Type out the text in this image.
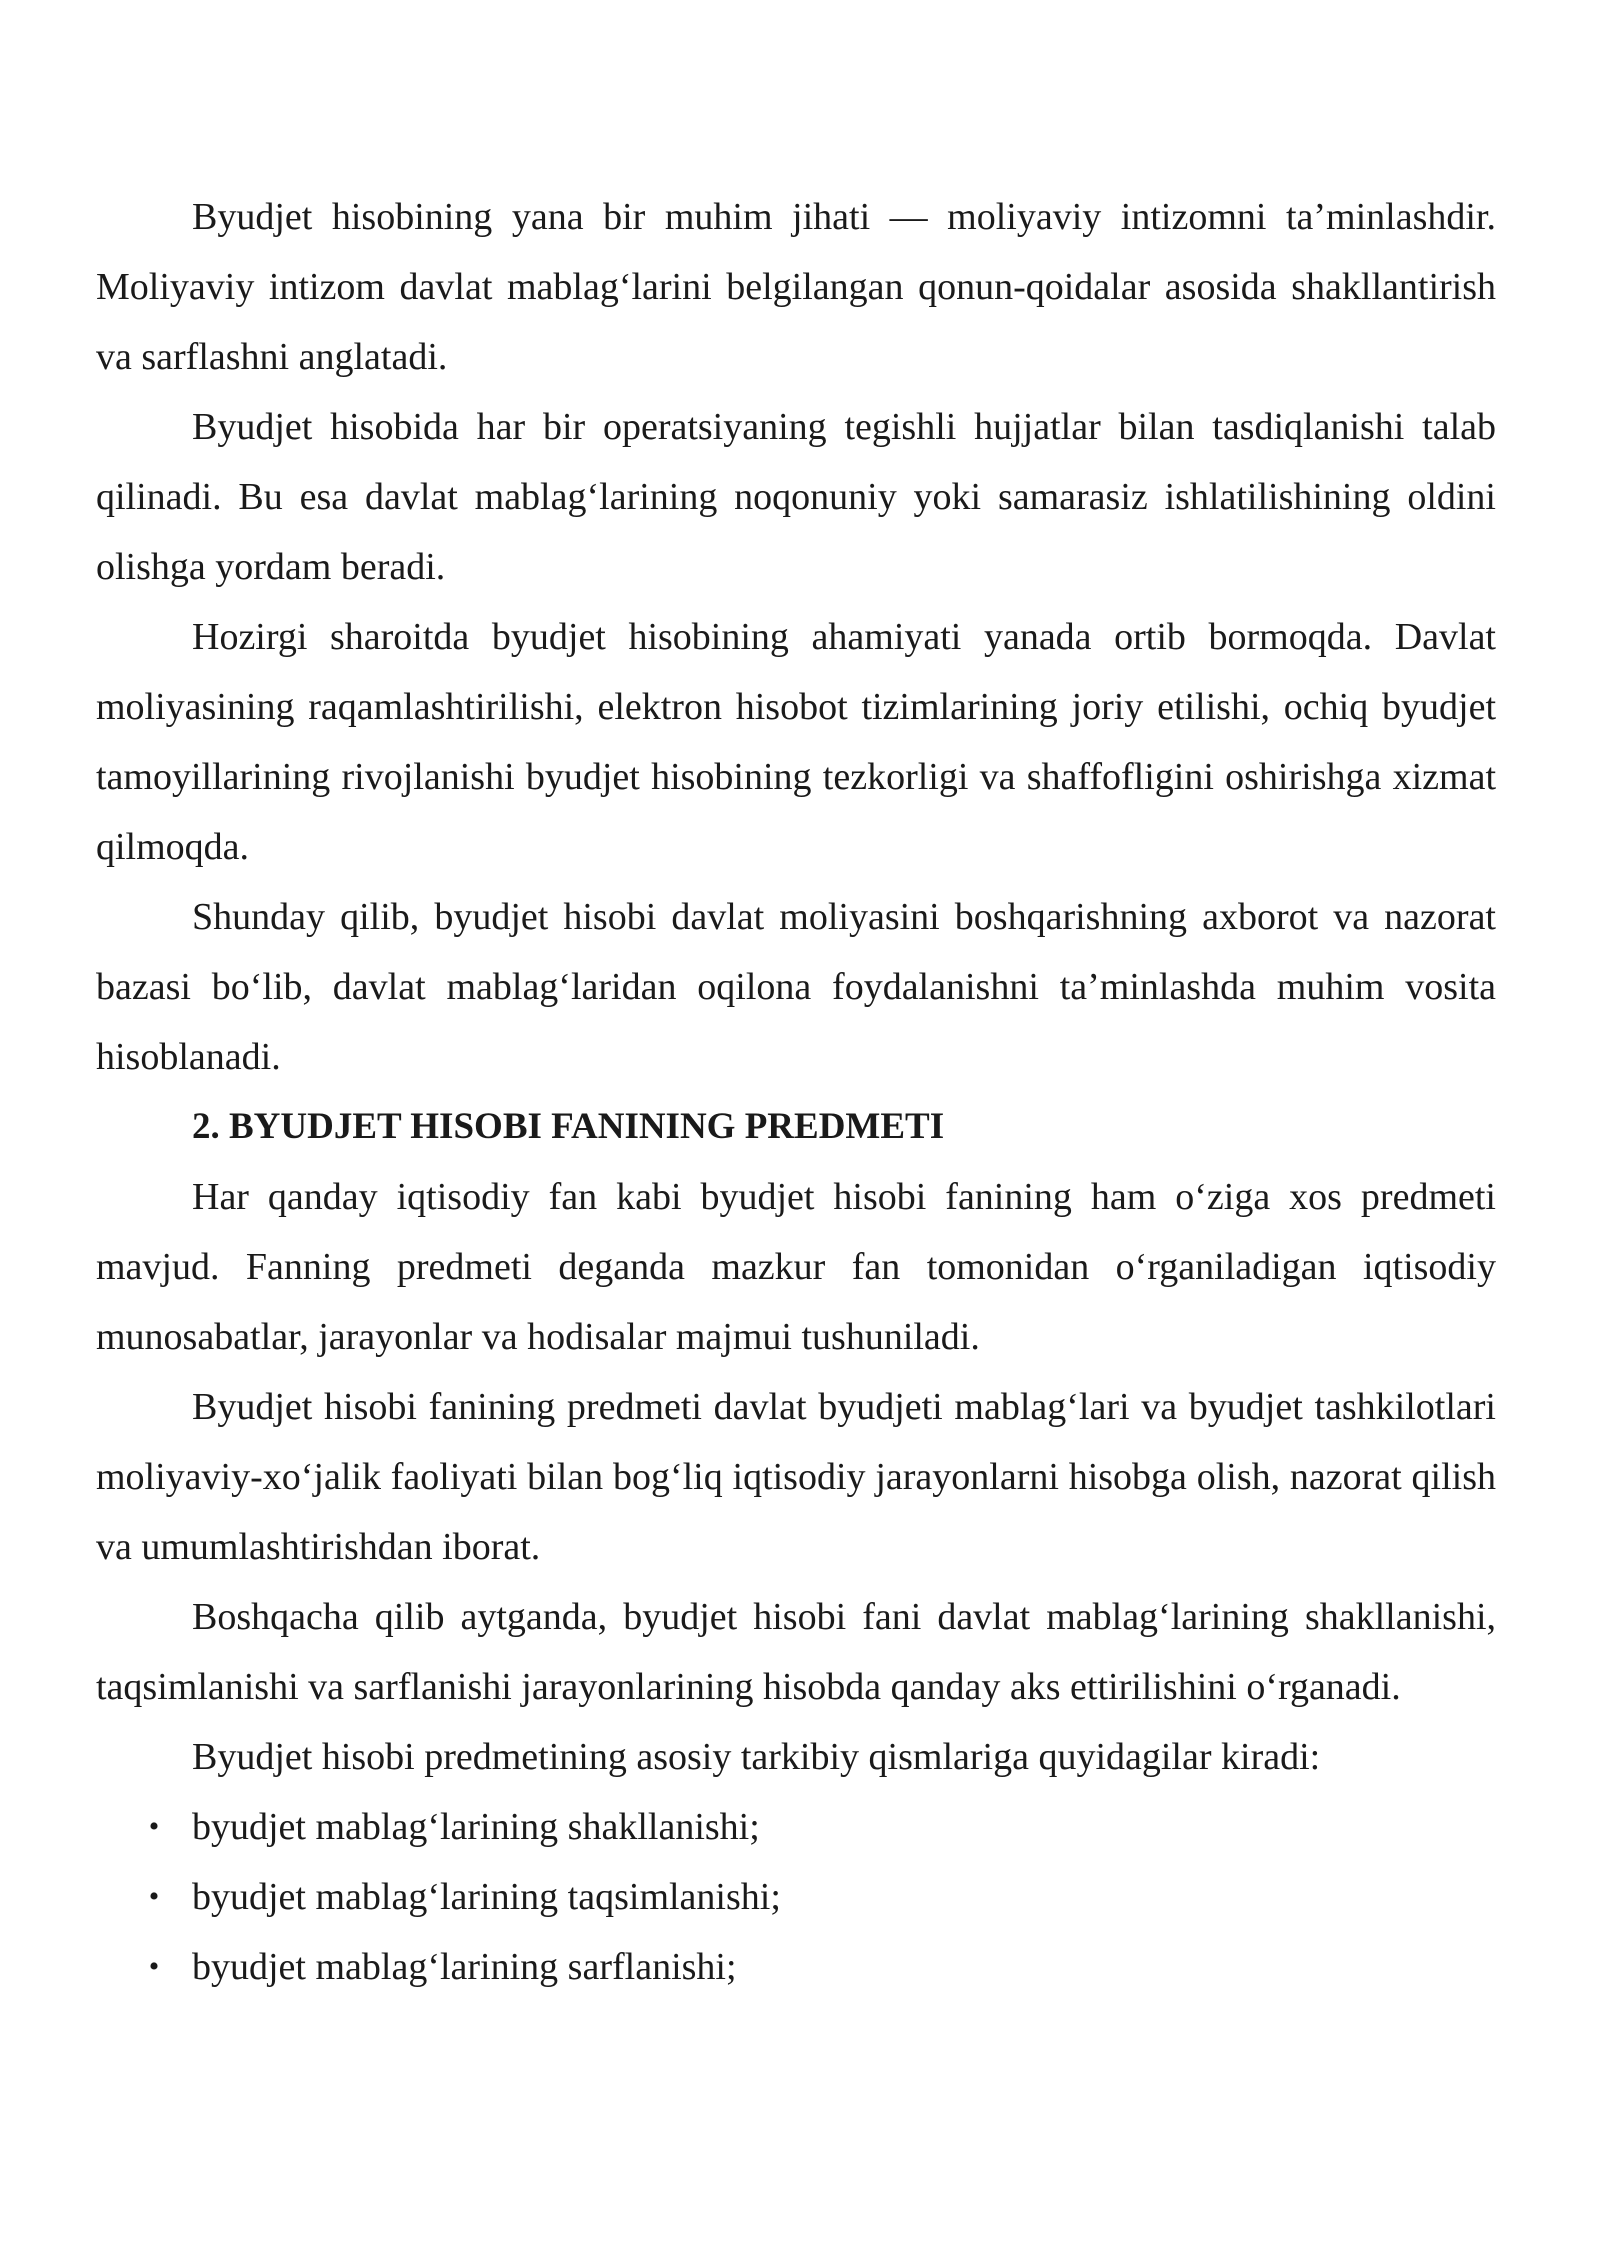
Byudjet hisobining yana bir muhim jihati — moliyaviy intizomni ta’minlashdir. Moliyaviy intizom davlat mablag‘larini belgilangan qonun-qoidalar asosida shakllantirish va sarflashni anglatadi.

Byudjet hisobida har bir operatsiyaning tegishli hujjatlar bilan tasdiqlanishi talab qilinadi. Bu esa davlat mablag‘larining noqonuniy yoki samarasiz ishlatilishining oldini olishga yordam beradi.

Hozirgi sharoitda byudjet hisobining ahamiyati yanada ortib bormoqda. Davlat moliyasining raqamlashtirilishi, elektron hisobot tizimlarining joriy etilishi, ochiq byudjet tamoyillarining rivojlanishi byudjet hisobining tezkorligi va shaffofligini oshirishga xizmat qilmoqda.

Shunday qilib, byudjet hisobi davlat moliyasini boshqarishning axborot va nazorat bazasi bo‘lib, davlat mablag‘laridan oqilona foydalanishni ta’minlashda muhim vosita hisoblanadi.

2. BYUDJET HISOBI FANINING PREDMETI

Har qanday iqtisodiy fan kabi byudjet hisobi fanining ham o‘ziga xos predmeti mavjud. Fanning predmeti deganda mazkur fan tomonidan o‘rganiladigan iqtisodiy munosabatlar, jarayonlar va hodisalar majmui tushuniladi.

Byudjet hisobi fanining predmeti davlat byudjeti mablag‘lari va byudjet tashkilotlari moliyaviy-xo‘jalik faoliyati bilan bog‘liq iqtisodiy jarayonlarni hisobga olish, nazorat qilish va umumlashtirishdan iborat.

Boshqacha qilib aytganda, byudjet hisobi fani davlat mablag‘larining shakllanishi, taqsimlanishi va sarflanishi jarayonlarining hisobda qanday aks ettirilishini o‘rganadi.

Byudjet hisobi predmetining asosiy tarkibiy qismlariga quyidagilar kiradi:

• byudjet mablag‘larining shakllanishi;
• byudjet mablag‘larining taqsimlanishi;
• byudjet mablag‘larining sarflanishi;
